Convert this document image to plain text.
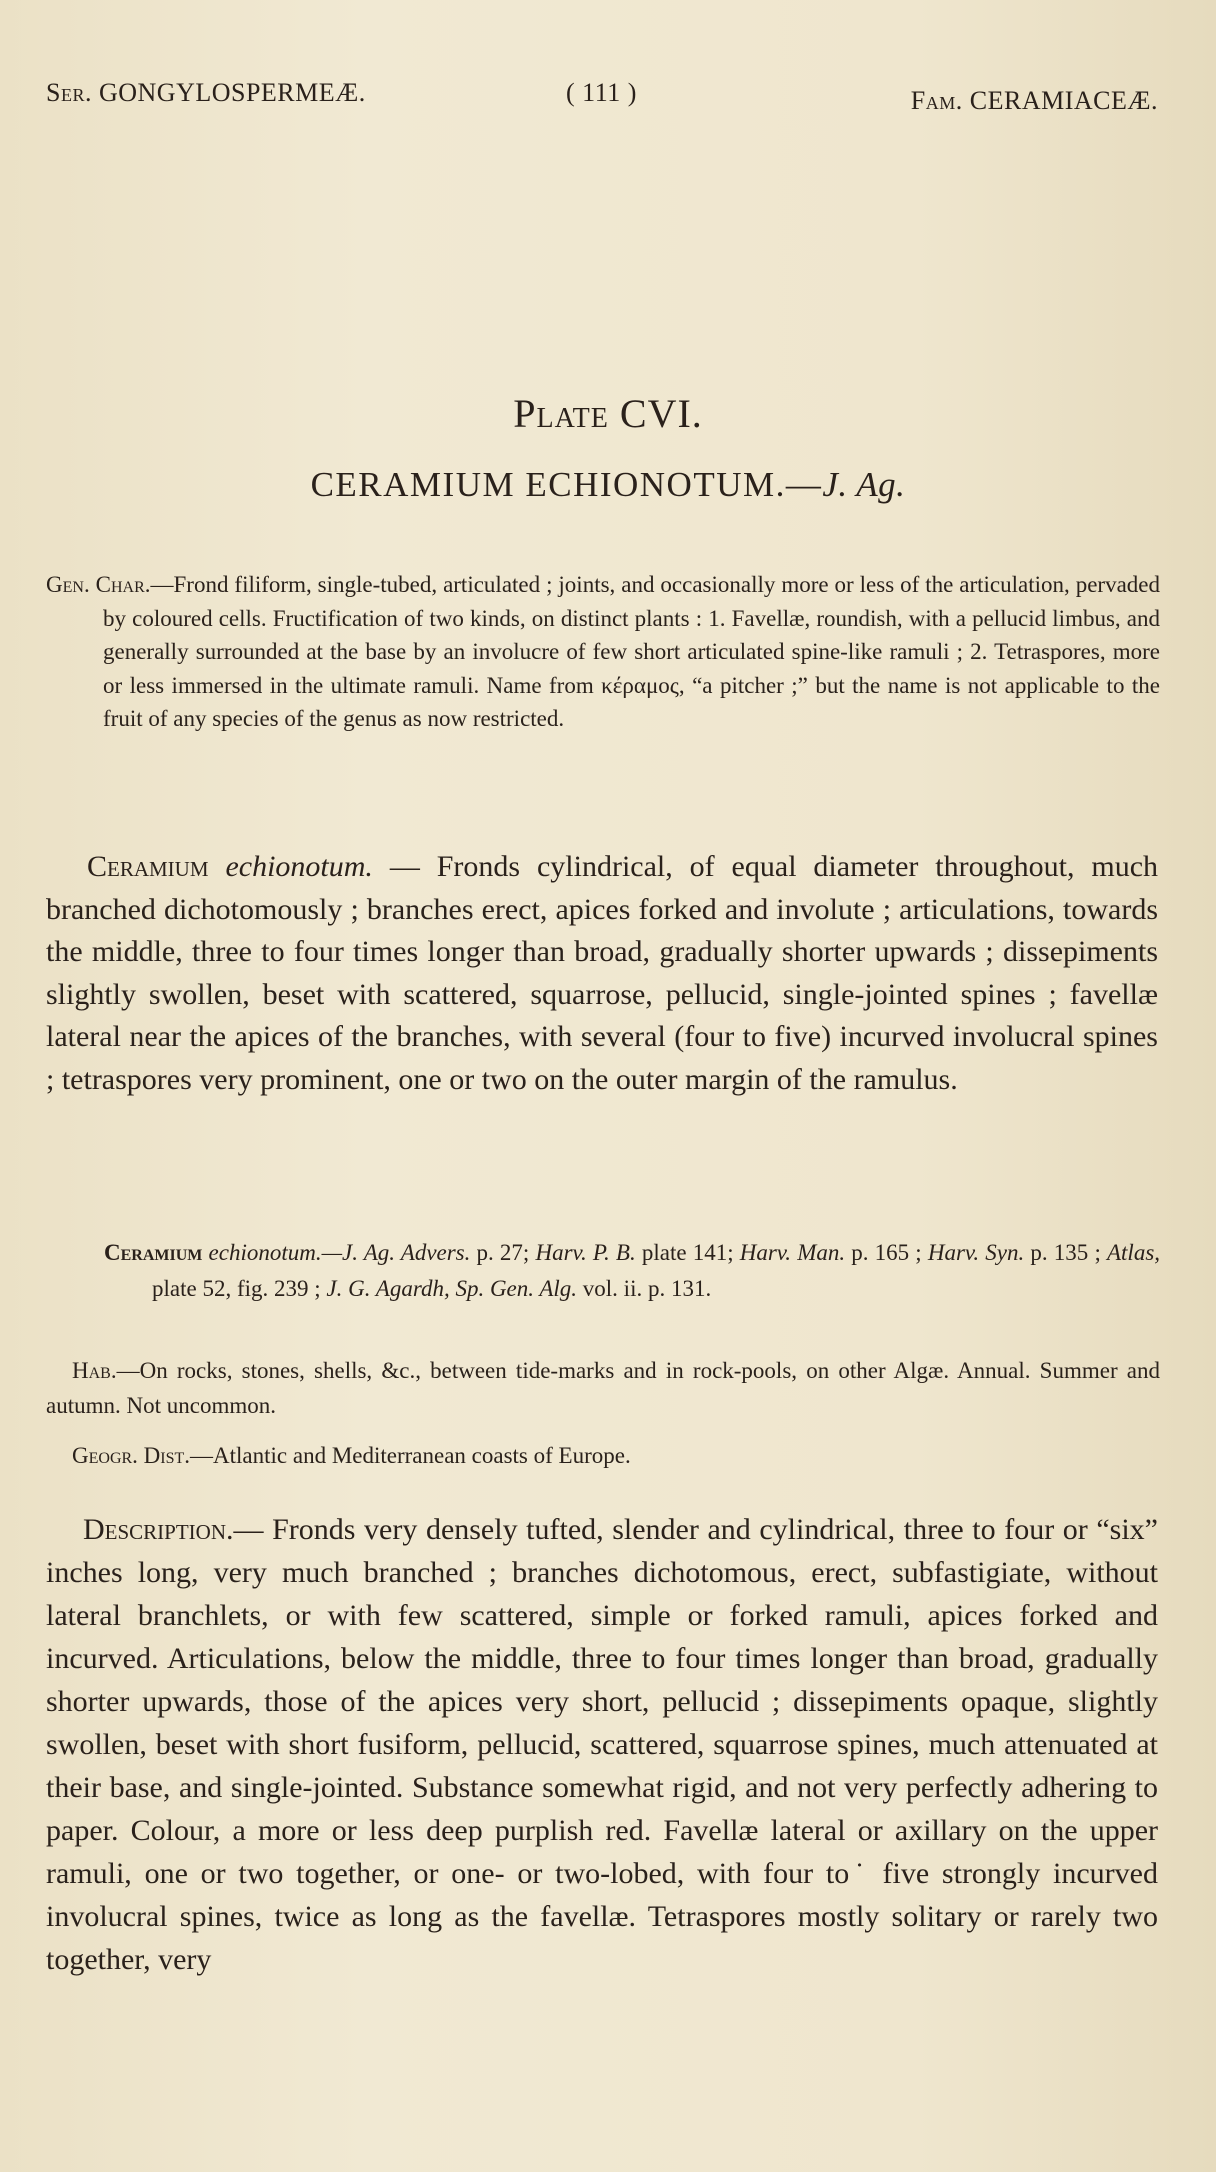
Ser. GONGYLOSPERMEÆ.	( 111 )	Fam. CERAMIACEÆ.
Plate CVI.
CERAMIUM ECHIONOTUM.—J. Ag.

Gen. Char.—Frond filiform, single-tubed, articulated ; joints, and occasionally more or less of the articulation, pervaded by coloured cells. Fructification of two kinds, on distinct plants : 1. Favellæ, roundish, with a pellucid limbus, and generally surrounded at the base by an involucre of few short articulated spine-like ramuli ; 2. Tetraspores, more or less immersed in the ultimate ramuli. Name from κέραμος, “a pitcher ;” but the name is not applicable to the fruit of any species of the genus as now restricted.

Ceramium echionotum. — Fronds cylindrical, of equal diameter throughout, much branched dichotomously ; branches erect, apices forked and involute ; articulations, towards the middle, three to four times longer than broad, gradually shorter upwards ; dissepiments slightly swollen, beset with scattered, squarrose, pellucid, single-jointed spines ; favellæ lateral near the apices of the branches, with several (four to five) incurved involucral spines ; tetraspores very prominent, one or two on the outer margin of the ramulus.

Ceramium echionotum.—J. Ag. Advers. p. 27; Harv. P. B. plate 141; Harv. Man. p. 165 ; Harv. Syn. p. 135 ; Atlas, plate 52, fig. 239 ; J. G. Agardh, Sp. Gen. Alg. vol. ii. p. 131.
Hab.—On rocks, stones, shells, &c., between tide-marks and in rock-pools, on other Algæ. Annual. Summer and autumn. Not uncommon.
Geogr. Dist.—Atlantic and Mediterranean coasts of Europe.

Description.— Fronds very densely tufted, slender and cylindrical, three to four or “six” inches long, very much branched ; branches dichotomous, erect, subfastigiate, without lateral branchlets, or with few scattered, simple or forked ramuli, apices forked and incurved. Articulations, below the middle, three to four times longer than broad, gradually shorter upwards, those of the apices very short, pellucid ; dissepiments opaque, slightly swollen, beset with short fusiform, pellucid, scattered, squarrose spines, much attenuated at their base, and single-jointed. Substance somewhat rigid, and not very perfectly adhering to paper. Colour, a more or less deep purplish red. Favellæ lateral or axillary on the upper ramuli, one or two together, or one- or two-lobed, with four to˙ five strongly incurved involucral spines, twice as long as the favellæ. Tetraspores mostly solitary or rarely two together, very
